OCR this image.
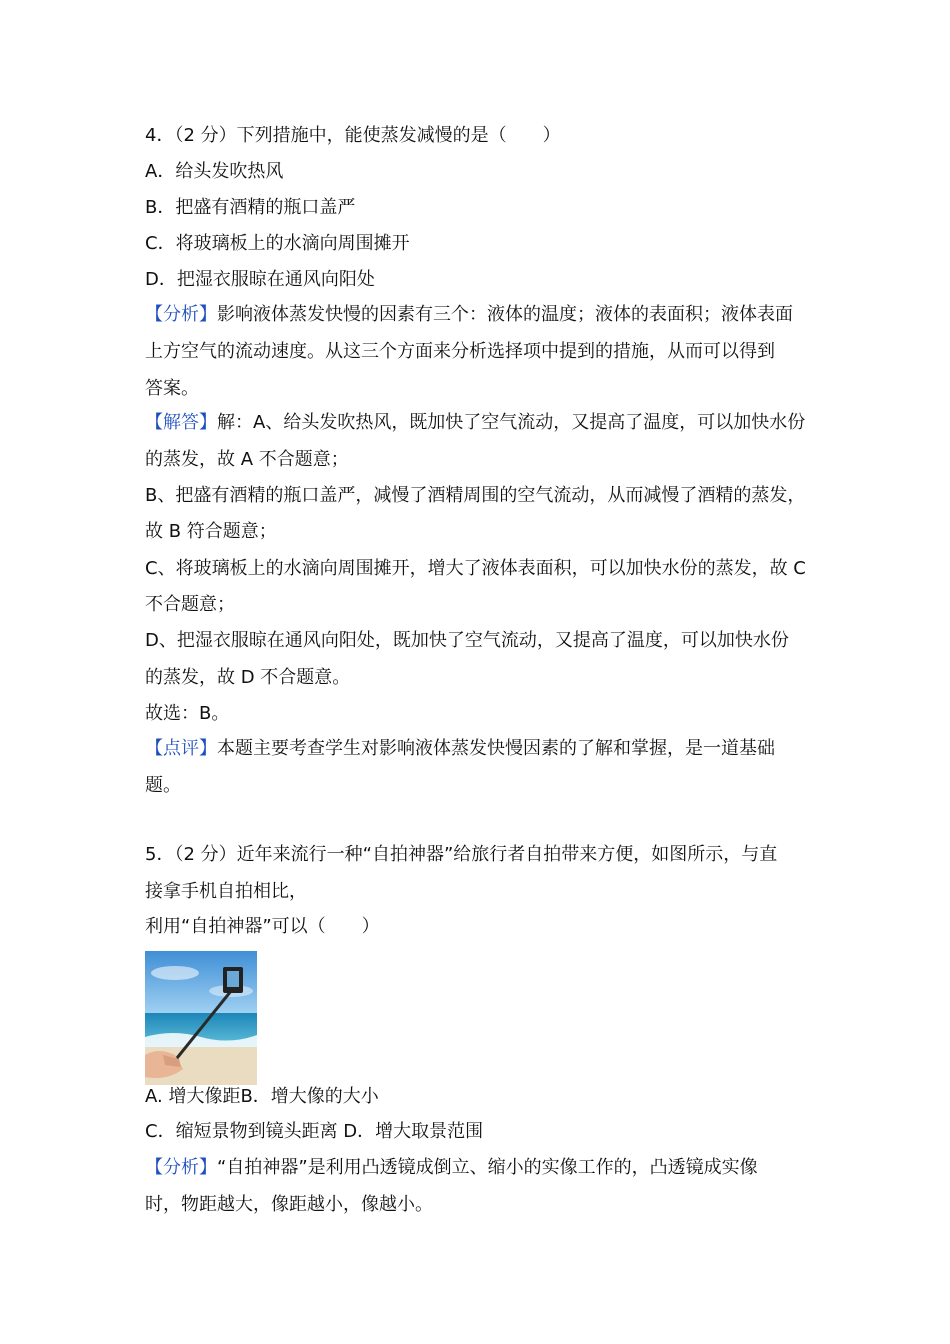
4．（2 分）下列措施中，能使蒸发减慢的是（　　）
A．给头发吹热风
B．把盛有酒精的瓶口盖严
C．将玻璃板上的水滴向周围摊开
D．把湿衣服晾在通风向阳处
【分析】影响液体蒸发快慢的因素有三个：液体的温度；液体的表面积；液体表面
上方空气的流动速度。从这三个方面来分析选择项中提到的措施，从而可以得到
答案。
【解答】解：A、给头发吹热风，既加快了空气流动，又提高了温度，可以加快水份
的蒸发，故 A 不合题意；
B、把盛有酒精的瓶口盖严，减慢了酒精周围的空气流动，从而减慢了酒精的蒸发，
故 B 符合题意；
C、将玻璃板上的水滴向周围摊开，增大了液体表面积，可以加快水份的蒸发，故 C
不合题意；
D、把湿衣服晾在通风向阳处，既加快了空气流动，又提高了温度，可以加快水份
的蒸发，故 D 不合题意。
故选：B。
【点评】本题主要考查学生对影响液体蒸发快慢因素的了解和掌握，是一道基础
题。
5．（2 分）近年来流行一种“自拍神器”给旅行者自拍带来方便，如图所示，与直
接拿手机自拍相比，
利用“自拍神器”可以（　　）
A. 增大像距B．增大像的大小
C．缩短景物到镜头距离 D．增大取景范围
【分析】“自拍神器”是利用凸透镜成倒立、缩小的实像工作的，凸透镜成实像
时，物距越大，像距越小，像越小。
